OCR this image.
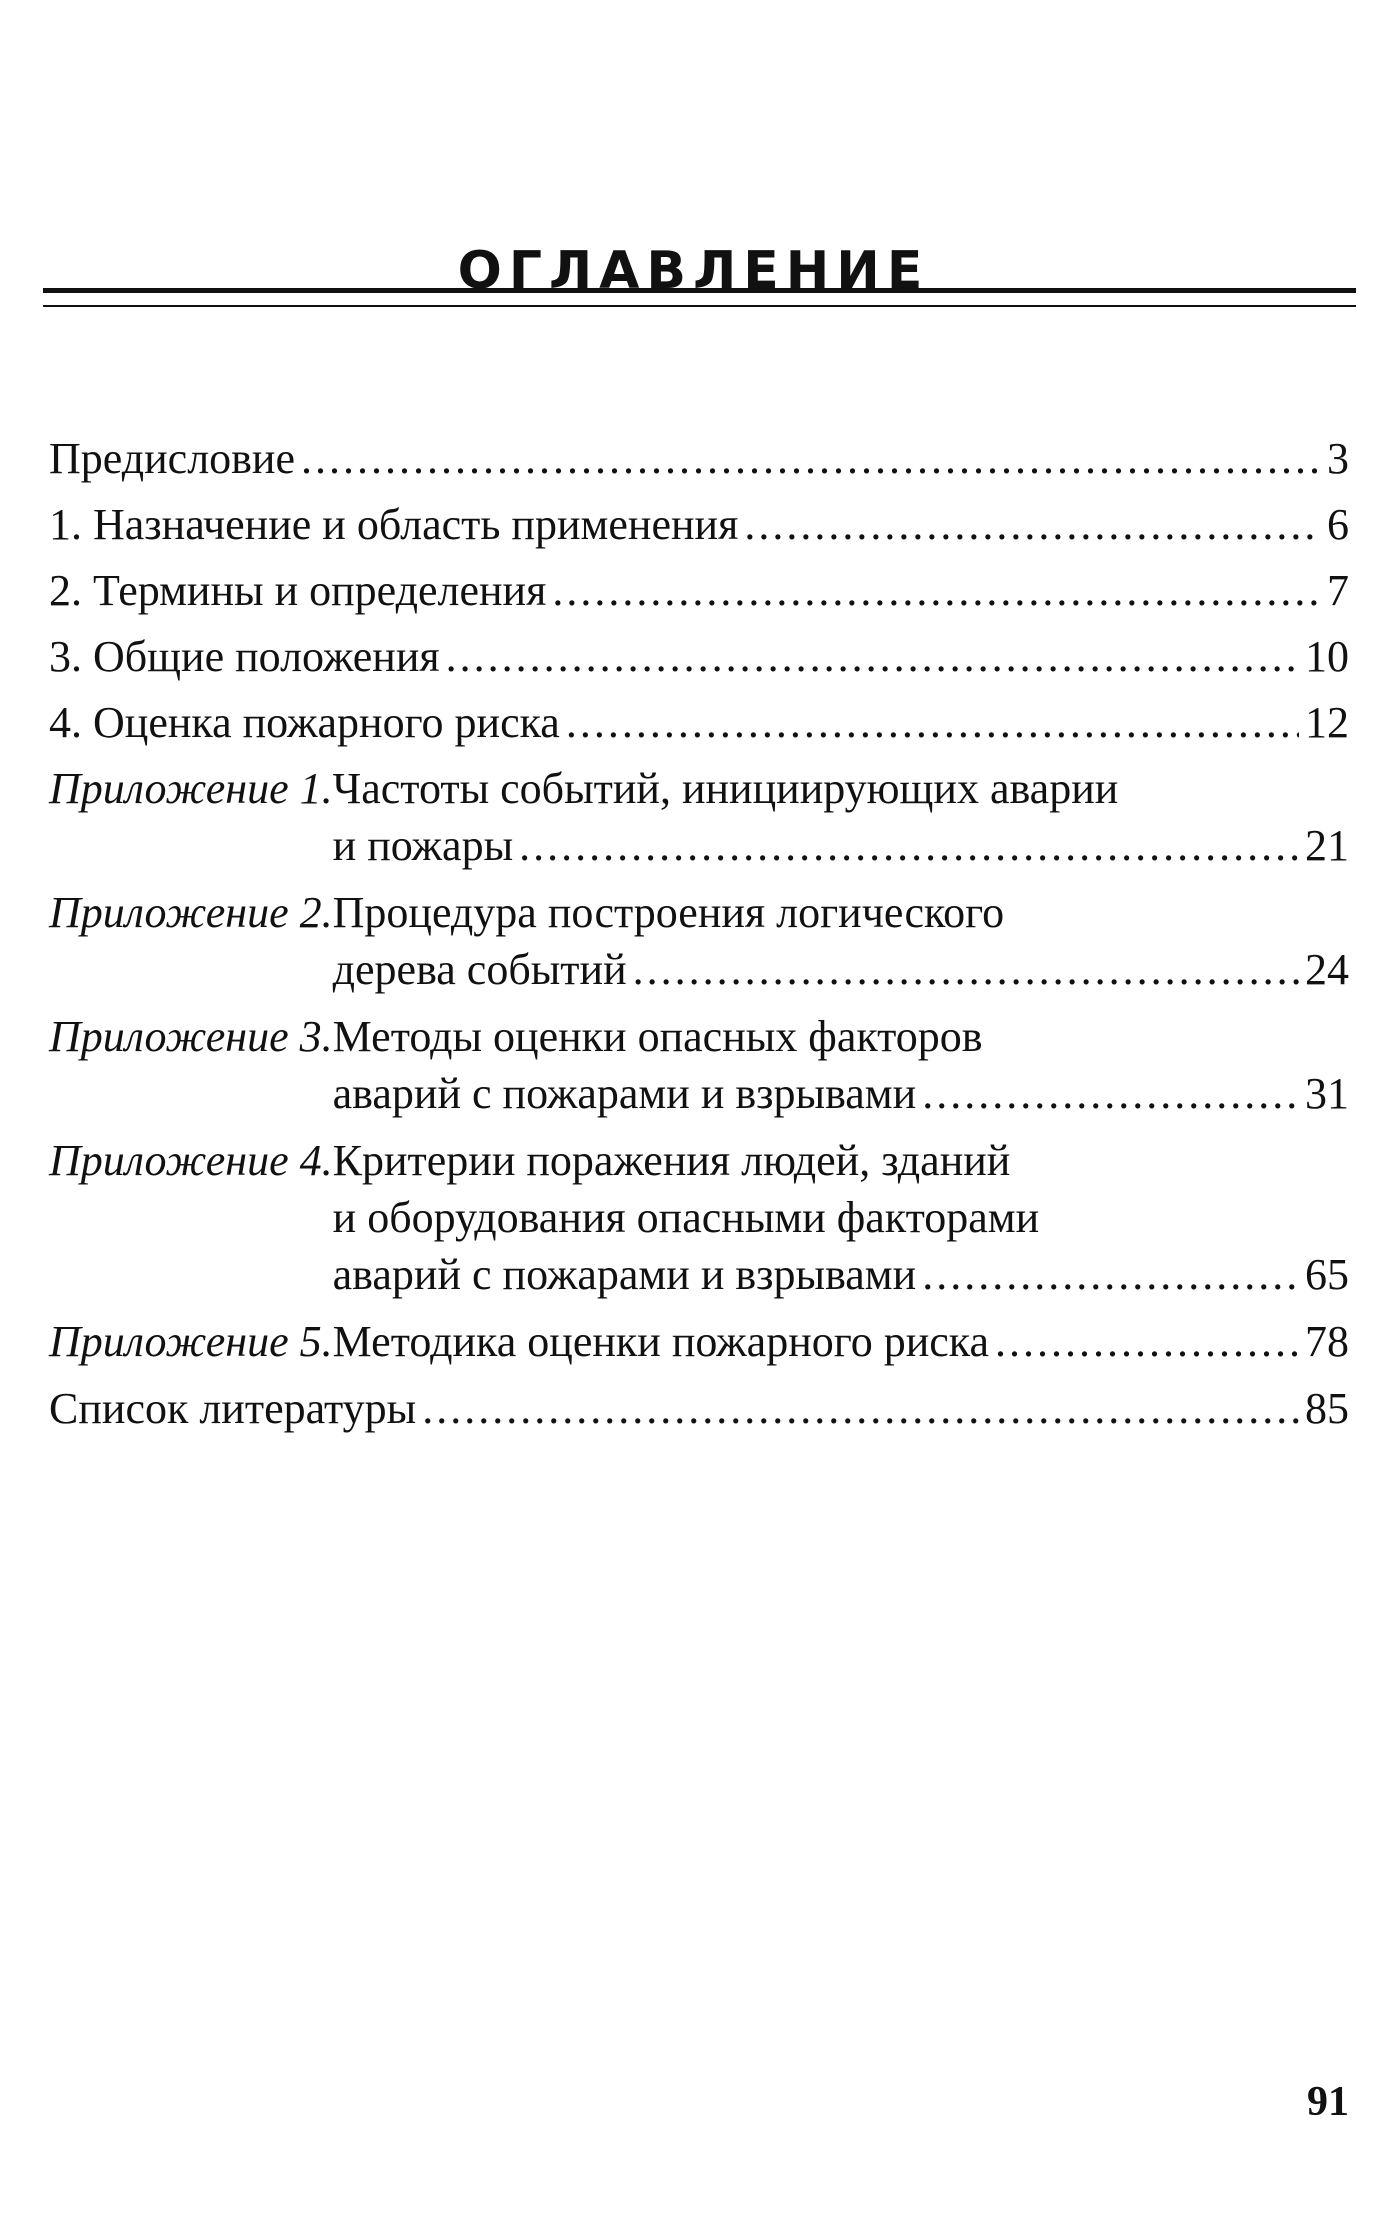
ОГЛАВЛЕНИЕ
Предисловие . . .	3
1. Назначение и область применения . . .	6
2. Термины и определения . . .	7
3. Общие положения . . .	10
4. Оценка пожарного риска . . .	12
Приложение 1. Частоты событий, инициирующих аварии
и пожары . . .	21
Приложение 2. Процедура построения логического
дерева событий . . .	24
Приложение 3. Методы оценки опасных факторов
аварий с пожарами и взрывами . . .	31
Приложение 4. Критерии поражения людей, зданий
и оборудования опасными факторами
аварий с пожарами и взрывами . . .	65
Приложение 5. Методика оценки пожарного риска . . .	78
Список литературы . . .	85
91
